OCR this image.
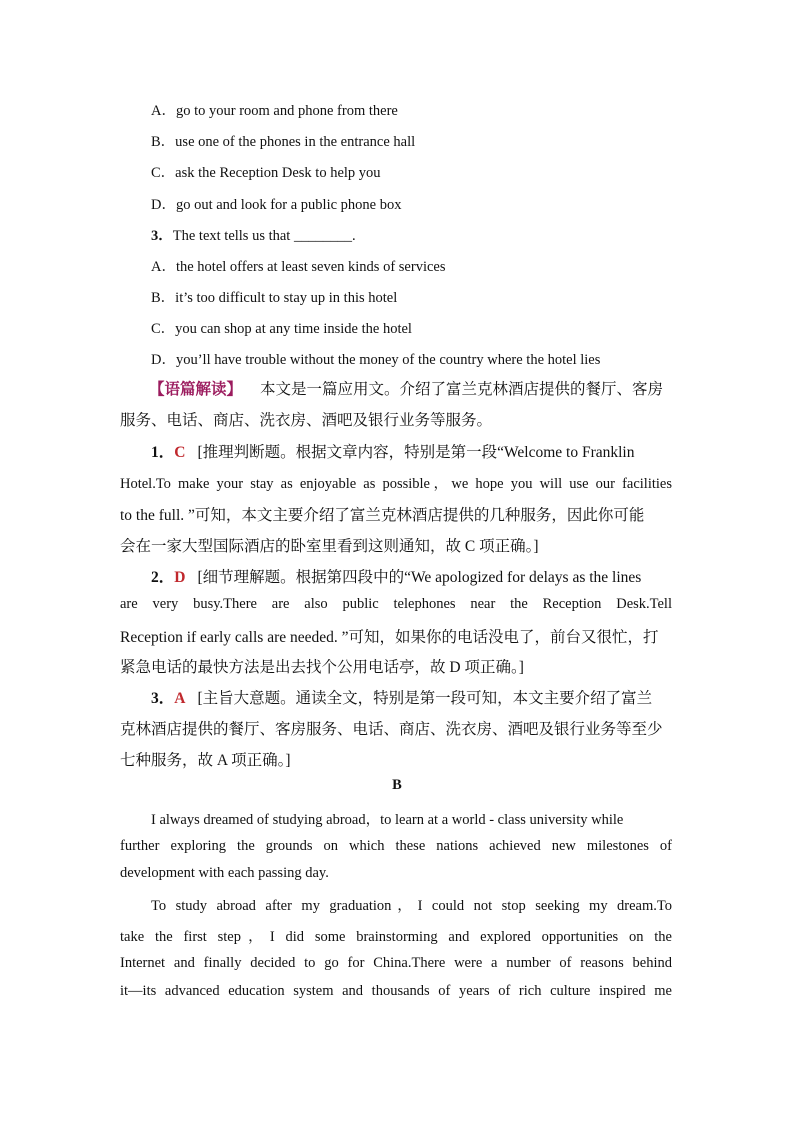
A．go to your room and phone from there
B．use one of the phones in the entrance hall
C．ask the Reception Desk to help you
D．go out and look for a public phone box
3．The text tells us that ________.
A．the hotel offers at least seven kinds of services
B．it’s too difficult to stay up in this hotel
C．you can shop at any time inside the hotel
D．you’ll have trouble without the money of the country where the hotel lies
【语篇解读】 本文是一篇应用文。介绍了富兰克林酒店提供的餐厅、客房
服务、电话、商店、洗衣房、酒吧及银行业务等服务。
1．C [推理判断题。根据文章内容，特别是第一段“Welcome to Franklin
Hotel.To make your stay as enjoyable as possible，we hope you will use our facilities
to the full. ”可知，本文主要介绍了富兰克林酒店提供的几种服务，因此你可能
会在一家大型国际酒店的卧室里看到这则通知，故 C 项正确。]
2．D [细节理解题。根据第四段中的“We apologized for delays as the lines
are very busy.There are also public telephones near the Reception Desk.Tell
Reception if early calls are needed. ”可知，如果你的电话没电了，前台又很忙，打
紧急电话的最快方法是出去找个公用电话亭，故 D 项正确。]
3．A [主旨大意题。通读全文，特别是第一段可知，本文主要介绍了富兰
克林酒店提供的餐厅、客房服务、电话、商店、洗衣房、酒吧及银行业务等至少
七种服务，故 A 项正确。]
B
I always dreamed of studying abroad，to learn at a world - class university while
further exploring the grounds on which these nations achieved new milestones of
development with each passing day.
To study abroad after my graduation，I could not stop seeking my dream.To
take the first step，I did some brainstorming and explored opportunities on the
Internet and finally decided to go for China.There were a number of reasons behind
it—its advanced education system and thousands of years of rich culture inspired me
